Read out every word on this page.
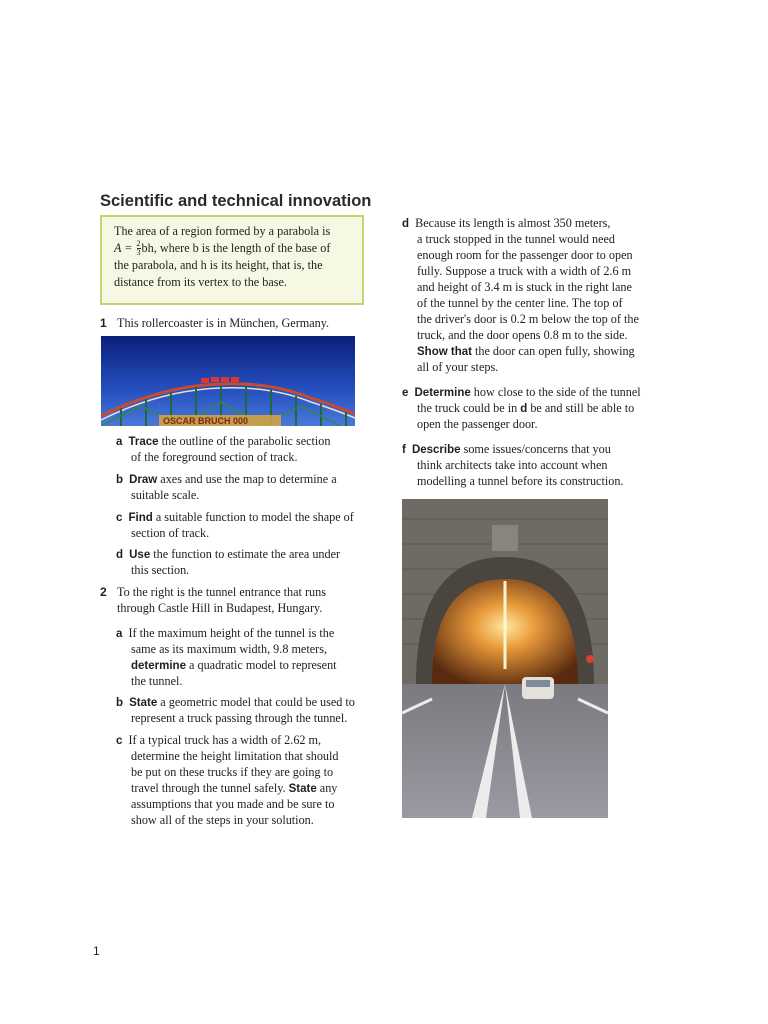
Scientific and technical innovation
The area of a region formed by a parabola is
$A = \frac{2}{3}$ bh, where b is the length of the base of
the parabola, and h is its height, that is, the
distance from its vertex to the base.
1 This rollercoaster is in München, Germany.
OSCAR BRUCH 000
a Trace the outline of the parabolic section
of the foreground section of track.
b Draw axes and use the map to determine a
suitable scale.
c Find a suitable function to model the shape of
section of track.
d Use the function to estimate the area under
this section.
2 To the right is the tunnel entrance that runs
through Castle Hill in Budapest, Hungary.
a If the maximum height of the tunnel is the
same as its maximum width, 9.8 meters,
determine a quadratic model to represent
the tunnel.
b State a geometric model that could be used to
represent a truck passing through the tunnel.
c If a typical truck has a width of 2.62 m,
determine the height limitation that should
be put on these trucks if they are going to
travel through the tunnel safely. State any
assumptions that you made and be sure to
show all of the steps in your solution.
d Because its length is almost 350 meters,
a truck stopped in the tunnel would need
enough room for the passenger door to open
fully. Suppose a truck with a width of 2.6 m
and height of 3.4 m is stuck in the right lane
of the tunnel by the center line. The top of
the driver's door is 0.2 m below the top of the
truck, and the door opens 0.8 m to the side.
Show that the door can open fully, showing
all of your steps.
e Determine how close to the side of the tunnel
the truck could be in d be and still be able to
open the passenger door.
f Describe some issues/concerns that you
think architects take into account when
modelling a tunnel before its construction.
1
